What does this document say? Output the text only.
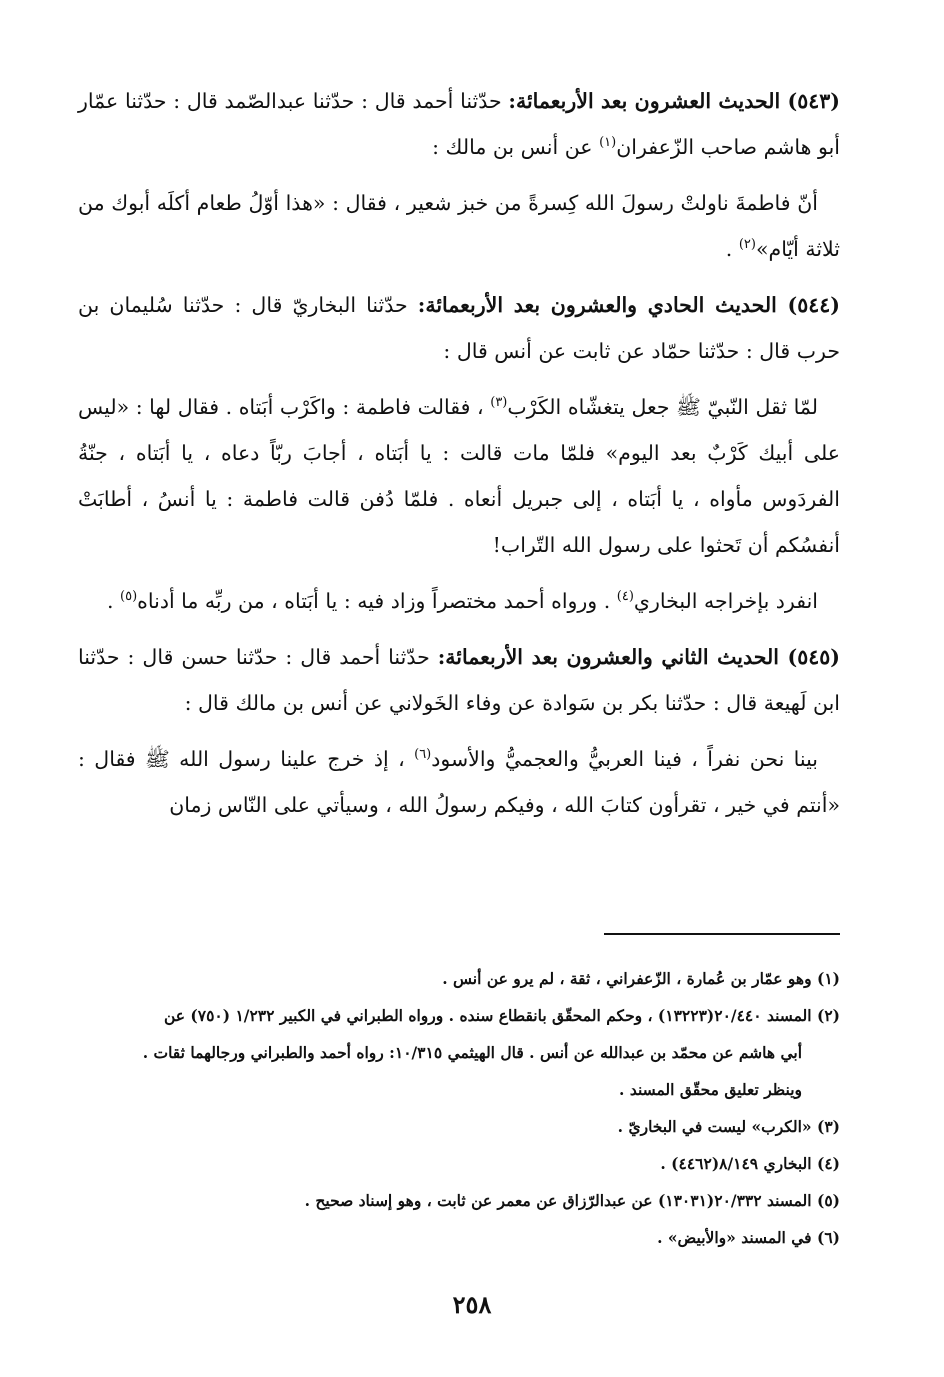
(٥٤٣) الحديث العشرون بعد الأربعمائة: حدّثنا أحمد قال : حدّثنا عبدالصّمد قال : حدّثنا عمّار أبو هاشم صاحب الزّعفران$^{(١)}$ عن أنس بن مالك :

أنّ فاطمةَ ناولتْ رسولَ الله كِسرةً من خبز شعير ، فقال : «هذا أوّلُ طعام أكلَه أبوك من ثلاثة أيّام»$^{(٢)}$ .

(٥٤٤) الحديث الحادي والعشرون بعد الأربعمائة: حدّثنا البخاريّ قال : حدّثنا سُليمان بن حرب قال : حدّثنا حمّاد عن ثابت عن أنس قال :

لمّا ثقل النّبيّ ﷺ جعل يتغشّاه الكَرْب$^{(٣)}$ ، فقالت فاطمة : واكَرْب أبَتاه . فقال لها : «ليس على أبيك كَرْبٌ بعد اليوم» فلمّا مات قالت : يا أبَتاه ، أجابَ ربّاً دعاه ، يا أبَتاه ، جنّةُ الفردَوس مأواه ، يا أبَتاه ، إلى جبريل أنعاه . فلمّا دُفن قالت فاطمة : يا أنسُ ، أطابَتْ أنفسُكم أن تَحثوا على رسول الله التّراب!

انفرد بإخراجه البخاري$^{(٤)}$ . ورواه أحمد مختصراً وزاد فيه : يا أبَتاه ، من ربِّه ما أدناه$^{(٥)}$ .

(٥٤٥) الحديث الثاني والعشرون بعد الأربعمائة: حدّثنا أحمد قال : حدّثنا حسن قال : حدّثنا ابن لَهيعة قال : حدّثنا بكر بن سَوادة عن وفاء الخَولاني عن أنس بن مالك قال :

بينا نحن نفراً ، فينا العربيُّ والعجميُّ والأسود$^{(٦)}$ ، إذ خرج علينا رسول الله ﷺ فقال : «أنتم في خير ، تقرأون كتابَ الله ، وفيكم رسولُ الله ، وسيأتي على النّاس زمان

(١) وهو عمّار بن عُمارة ، الزّعفراني ، ثقة ، لم يرو عن أنس .

(٢) المسند ٢٠/٤٤٠(١٣٢٢٣) ، وحكم المحقّق بانقطاع سنده . ورواه الطبراني في الكبير ١/٢٣٢ (٧٥٠) عن

أبي هاشم عن محمّد بن عبدالله عن أنس . قال الهيثمي ١٠/٣١٥: رواه أحمد والطبراني ورجالهما ثقات .

وينظر تعليق محقّق المسند .

(٣) «الكرب» ليست في البخاريّ .

(٤) البخاري ٨/١٤٩(٤٤٦٢) .

(٥) المسند ٢٠/٣٣٢(١٣٠٣١) عن عبدالرّزاق عن معمر عن ثابت ، وهو إسناد صحيح .

(٦) في المسند «والأبيض» .

٢٥٨
